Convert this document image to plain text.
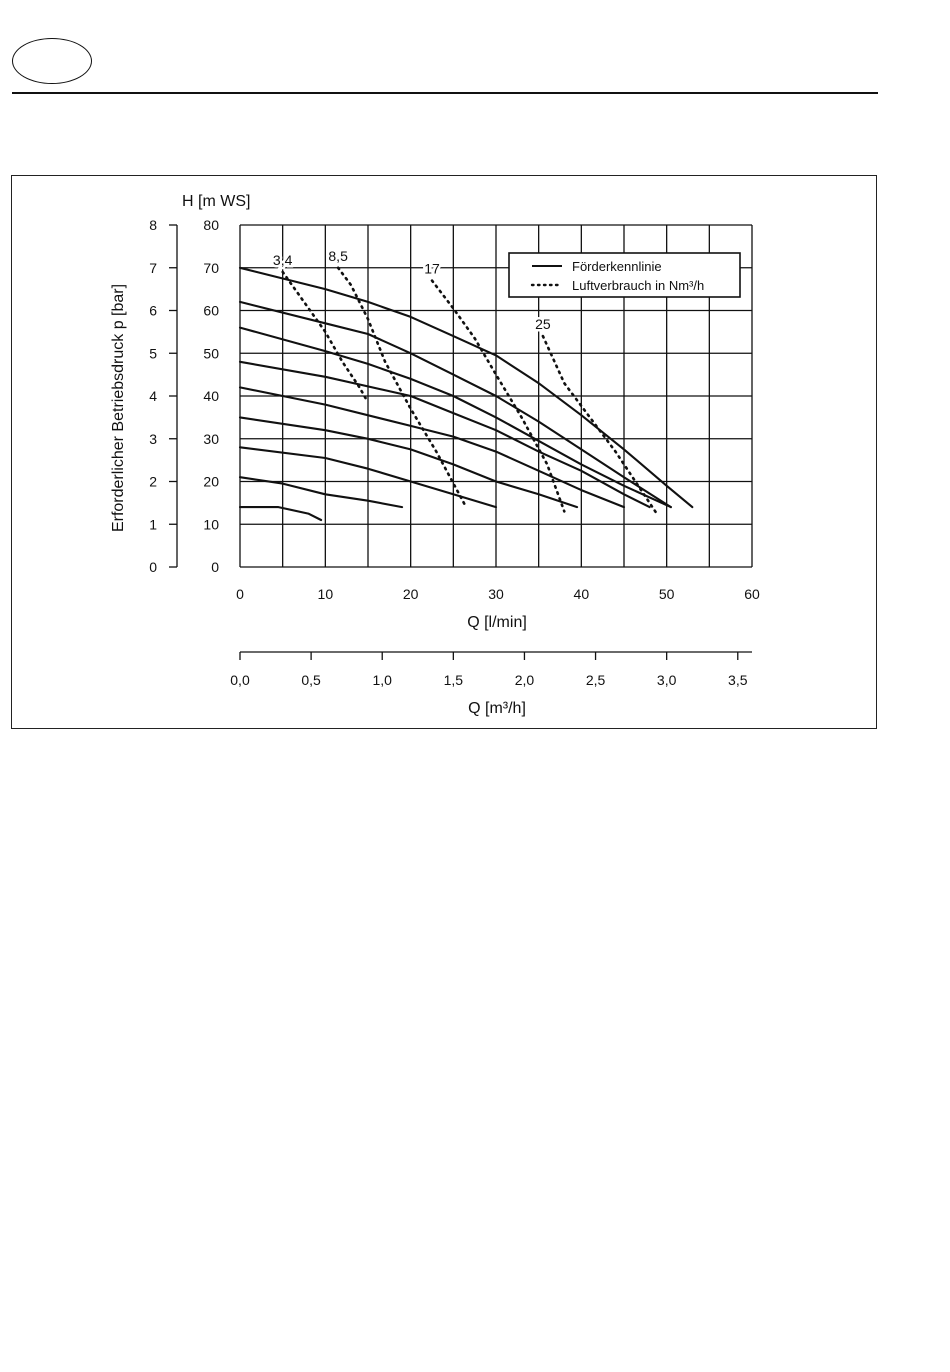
H [m WS]
Erforderlicher Betriebsdruck p [bar]
Q [l/min]
Q [m³/h]
0
1
2
3
4
5
6
7
8
0
10
20
30
40
50
60
70
80
0	10	20	30	40	50	60
0,0	0,5	1,0	1,5	2,0	2,5	3,0	3,5
3,4	8,5
17
25
Förderkennlinie
Luftverbrauch in Nm³/h
